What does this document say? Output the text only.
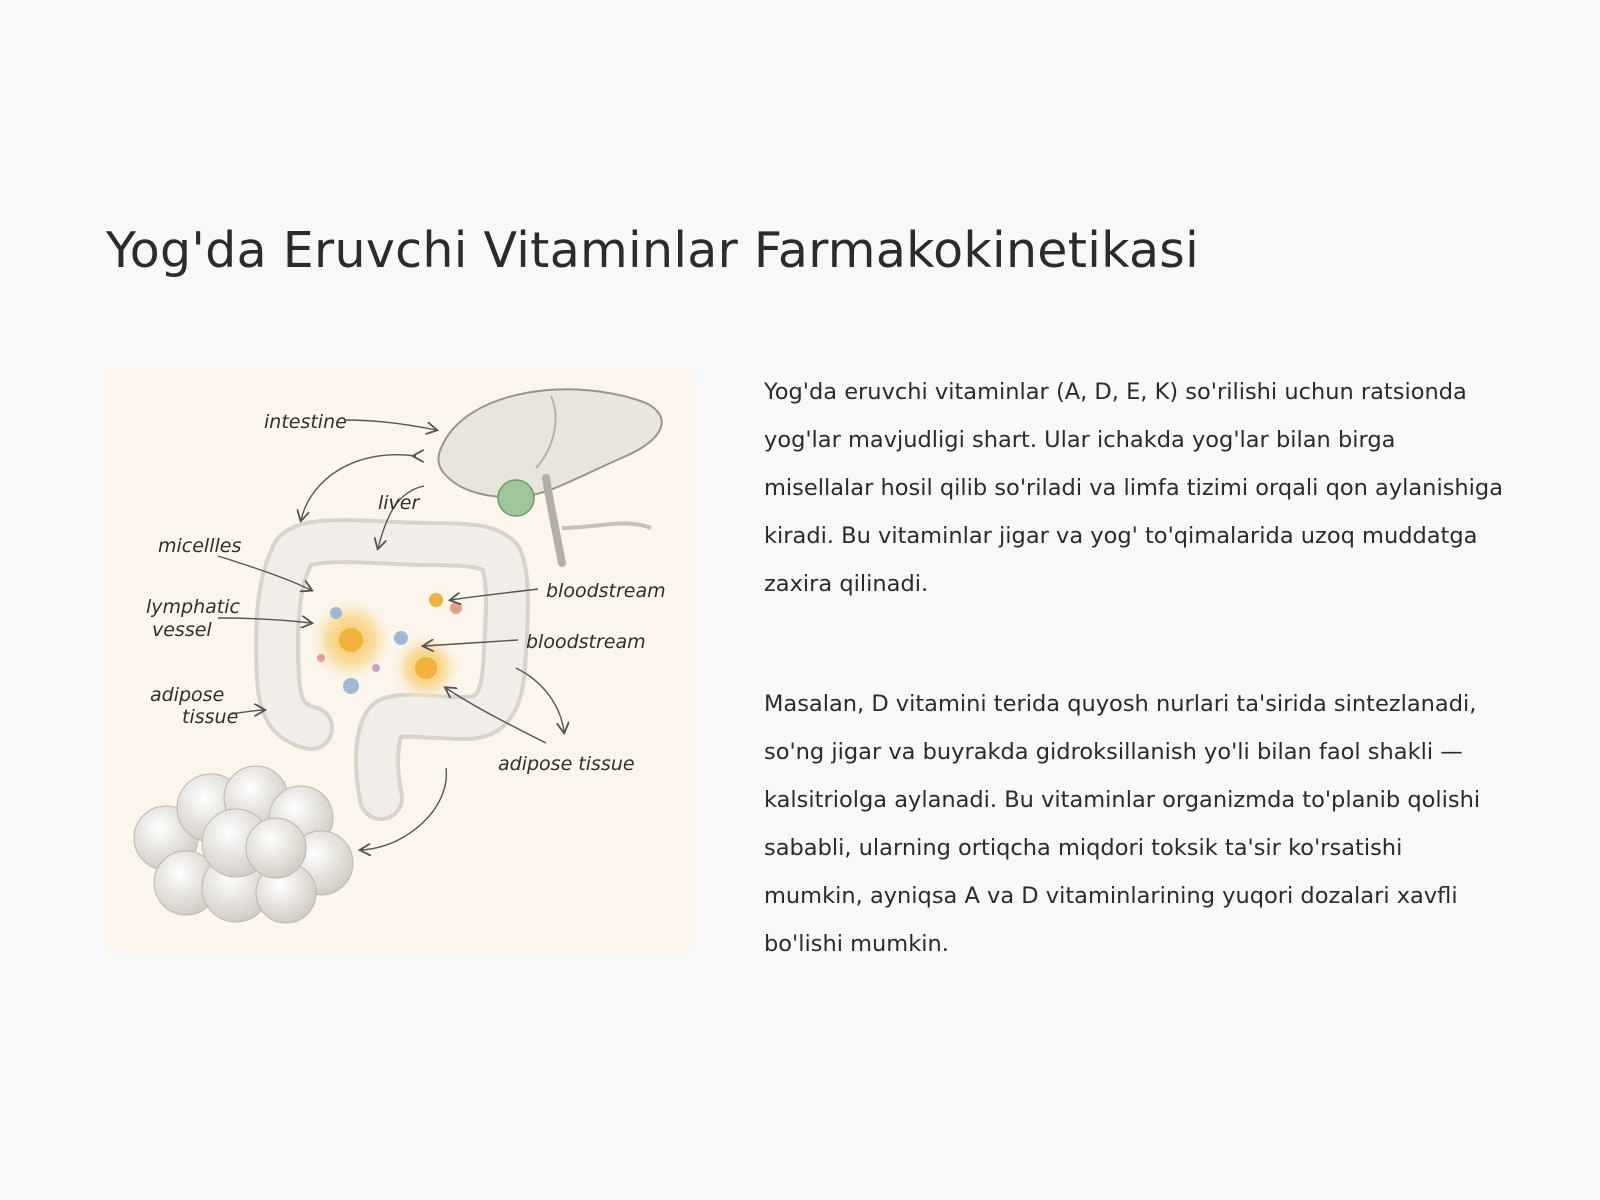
Yog'da Eruvchi Vitaminlar Farmakokinetikasi
intestine
liver
micellles
lymphatic
vessel
bloodstream
bloodstream
adipose
tissue
adipose tissue

Yog'da eruvchi vitaminlar (A, D, E, K) so'rilishi uchun ratsionda yog'lar mavjudligi shart. Ular ichakda yog'lar bilan birga misellalar hosil qilib so'riladi va limfa tizimi orqali qon aylanishiga kiradi. Bu vitaminlar jigar va yog' to'qimalarida uzoq muddatga zaxira qilinadi.

Masalan, D vitamini terida quyosh nurlari ta'sirida sintezlanadi, so'ng jigar va buyrakda gidroksillanish yo'li bilan faol shakli — kalsitriolga aylanadi. Bu vitaminlar organizmda to'planib qolishi sababli, ularning ortiqcha miqdori toksik ta'sir ko'rsatishi mumkin, ayniqsa A va D vitaminlarining yuqori dozalari xavfli bo'lishi mumkin.
